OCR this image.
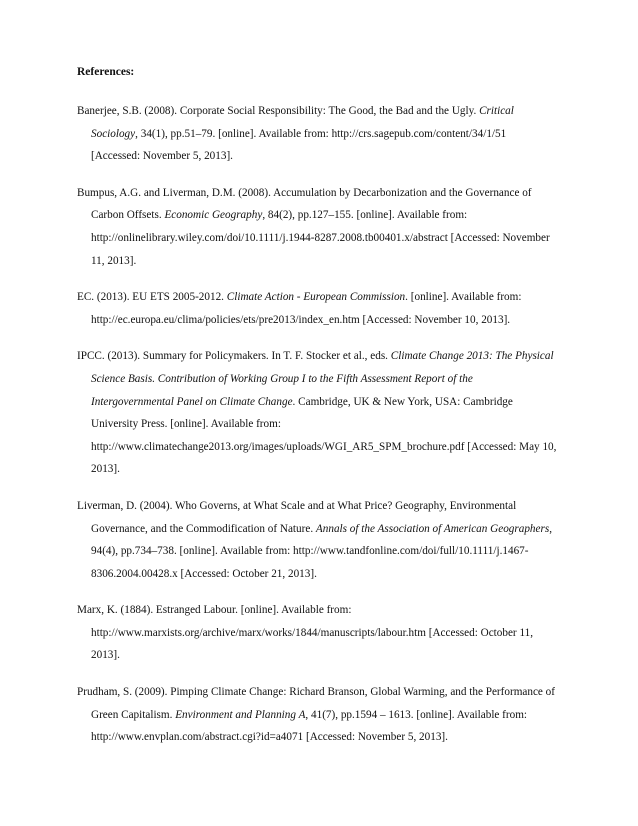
References:

Banerjee, S.B. (2008). Corporate Social Responsibility: The Good, the Bad and the Ugly. Critical Sociology, 34(1), pp.51–79. [online]. Available from: http://crs.sagepub.com/content/34/1/51 [Accessed: November 5, 2013].
Bumpus, A.G. and Liverman, D.M. (2008). Accumulation by Decarbonization and the Governance of Carbon Offsets. Economic Geography, 84(2), pp.127–155. [online]. Available from: http://onlinelibrary.wiley.com/doi/10.1111/j.1944-8287.2008.tb00401.x/abstract [Accessed: November 11, 2013].
EC. (2013). EU ETS 2005-2012. Climate Action - European Commission. [online]. Available from: http://ec.europa.eu/clima/policies/ets/pre2013/index_en.htm [Accessed: November 10, 2013].
IPCC. (2013). Summary for Policymakers. In T. F. Stocker et al., eds. Climate Change 2013: The Physical Science Basis. Contribution of Working Group I to the Fifth Assessment Report of the Intergovernmental Panel on Climate Change. Cambridge, UK & New York, USA: Cambridge University Press. [online]. Available from: http://www.climatechange2013.org/images/uploads/WGI_AR5_SPM_brochure.pdf [Accessed: May 10, 2013].
Liverman, D. (2004). Who Governs, at What Scale and at What Price? Geography, Environmental Governance, and the Commodification of Nature. Annals of the Association of American Geographers, 94(4), pp.734–738. [online]. Available from: http://www.tandfonline.com/doi/full/10.1111/j.1467-8306.2004.00428.x [Accessed: October 21, 2013].
Marx, K. (1884). Estranged Labour. [online]. Available from: http://www.marxists.org/archive/marx/works/1844/manuscripts/labour.htm [Accessed: October 11, 2013].
Prudham, S. (2009). Pimping Climate Change: Richard Branson, Global Warming, and the Performance of Green Capitalism. Environment and Planning A, 41(7), pp.1594 – 1613. [online]. Available from: http://www.envplan.com/abstract.cgi?id=a4071 [Accessed: November 5, 2013].
